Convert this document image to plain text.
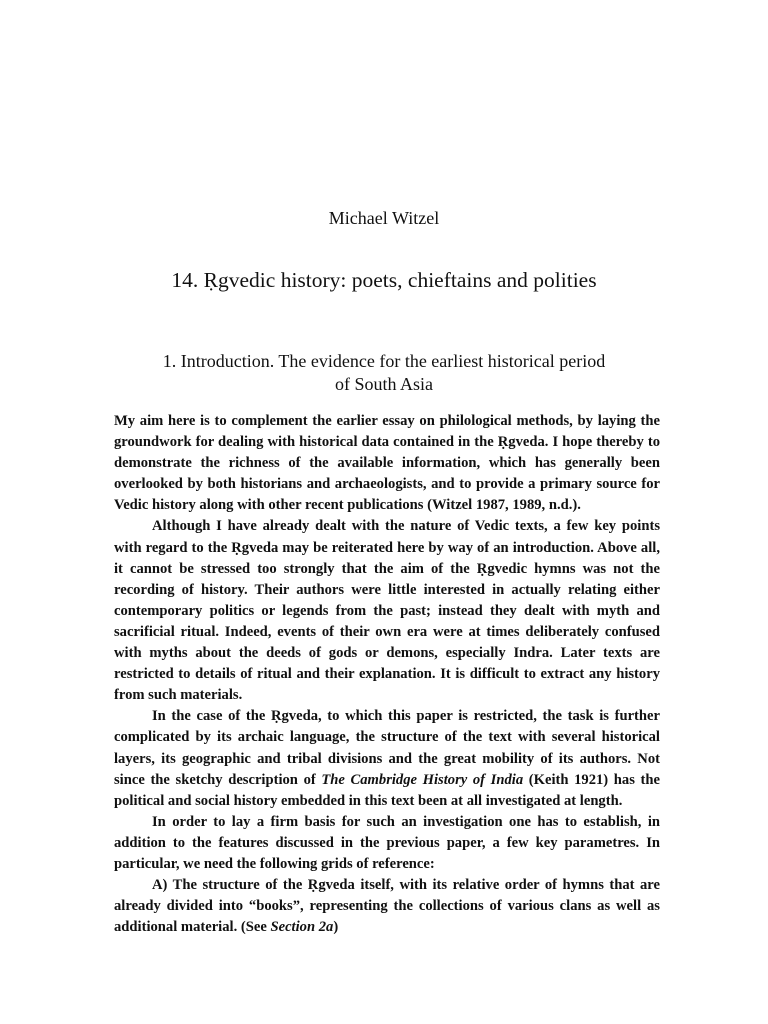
Michael Witzel
14. Ṛgvedic history: poets, chieftains and polities
1. Introduction. The evidence for the earliest historical period
of South Asia

My aim here is to complement the earlier essay on philological methods, by laying the groundwork for dealing with historical data contained in the Ṛgveda. I hope thereby to demonstrate the richness of the available information, which has generally been overlooked by both historians and archaeologists, and to provide a primary source for Vedic history along with other recent publications (Witzel 1987, 1989, n.d.).

Although I have already dealt with the nature of Vedic texts, a few key points with regard to the Ṛgveda may be reiterated here by way of an introduction. Above all, it cannot be stressed too strongly that the aim of the Ṛgvedic hymns was not the recording of history. Their authors were little interested in actually relating either contemporary politics or legends from the past; instead they dealt with myth and sacrificial ritual. Indeed, events of their own era were at times deliberately confused with myths about the deeds of gods or demons, especially Indra. Later texts are restricted to details of ritual and their explanation. It is difficult to extract any history from such materials.

In the case of the Ṛgveda, to which this paper is restricted, the task is further complicated by its archaic language, the structure of the text with several historical layers, its geographic and tribal divisions and the great mobility of its authors. Not since the sketchy description of The Cambridge History of India (Keith 1921) has the political and social history embedded in this text been at all investigated at length.

In order to lay a firm basis for such an investigation one has to establish, in addition to the features discussed in the previous paper, a few key parametres. In particular, we need the following grids of reference:

A) The structure of the Ṛgveda itself, with its relative order of hymns that are already divided into “books”, representing the collections of various clans as well as additional material. (See Section 2a)
